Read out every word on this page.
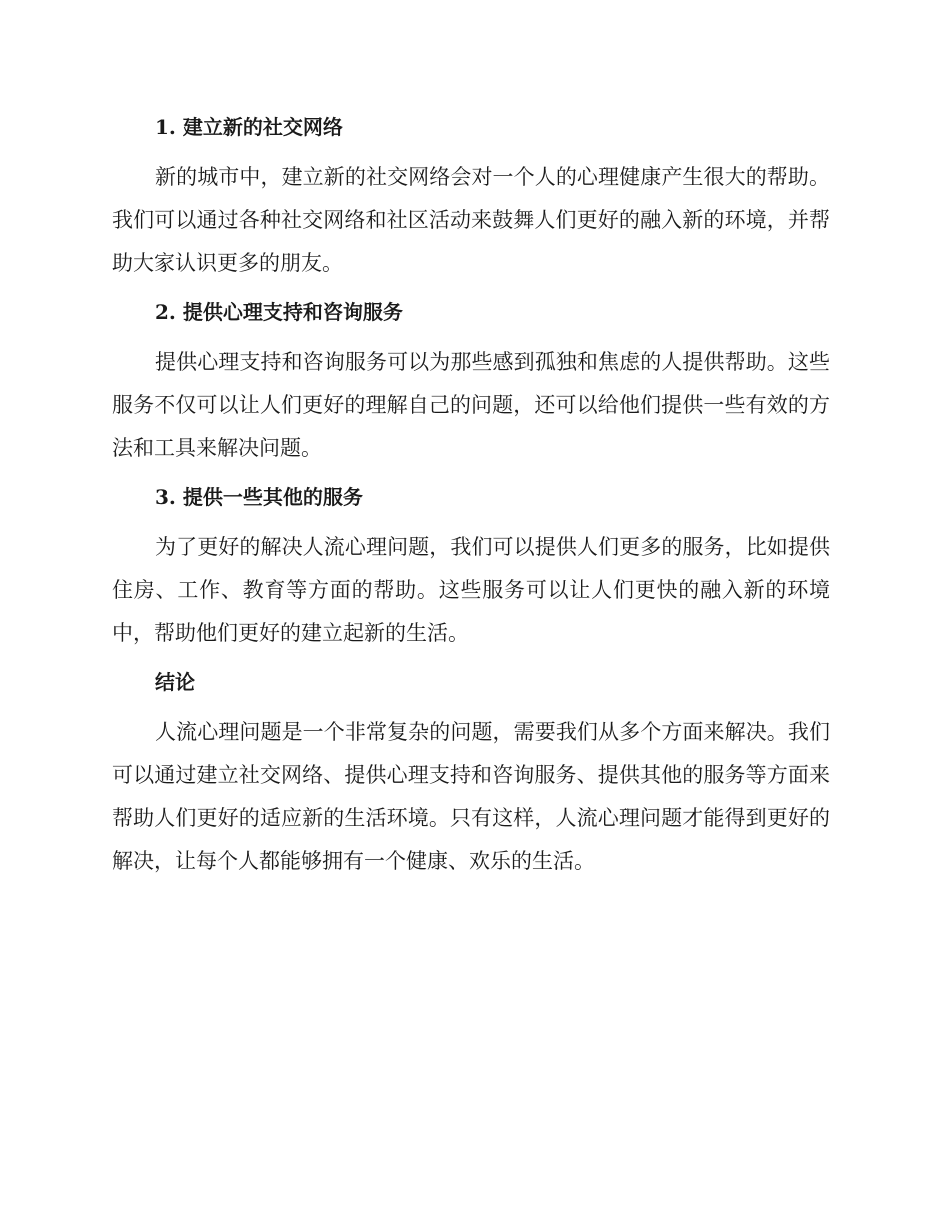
1. 建立新的社交网络

新的城市中，建立新的社交网络会对一个人的心理健康产生很大的帮助。我们可以通过各种社交网络和社区活动来鼓舞人们更好的融入新的环境，并帮助大家认识更多的朋友。

2. 提供心理支持和咨询服务

提供心理支持和咨询服务可以为那些感到孤独和焦虑的人提供帮助。这些服务不仅可以让人们更好的理解自己的问题，还可以给他们提供一些有效的方法和工具来解决问题。

3. 提供一些其他的服务

为了更好的解决人流心理问题，我们可以提供人们更多的服务，比如提供住房、工作、教育等方面的帮助。这些服务可以让人们更快的融入新的环境中，帮助他们更好的建立起新的生活。

结论

人流心理问题是一个非常复杂的问题，需要我们从多个方面来解决。我们可以通过建立社交网络、提供心理支持和咨询服务、提供其他的服务等方面来帮助人们更好的适应新的生活环境。只有这样，人流心理问题才能得到更好的解决，让每个人都能够拥有一个健康、欢乐的生活。
